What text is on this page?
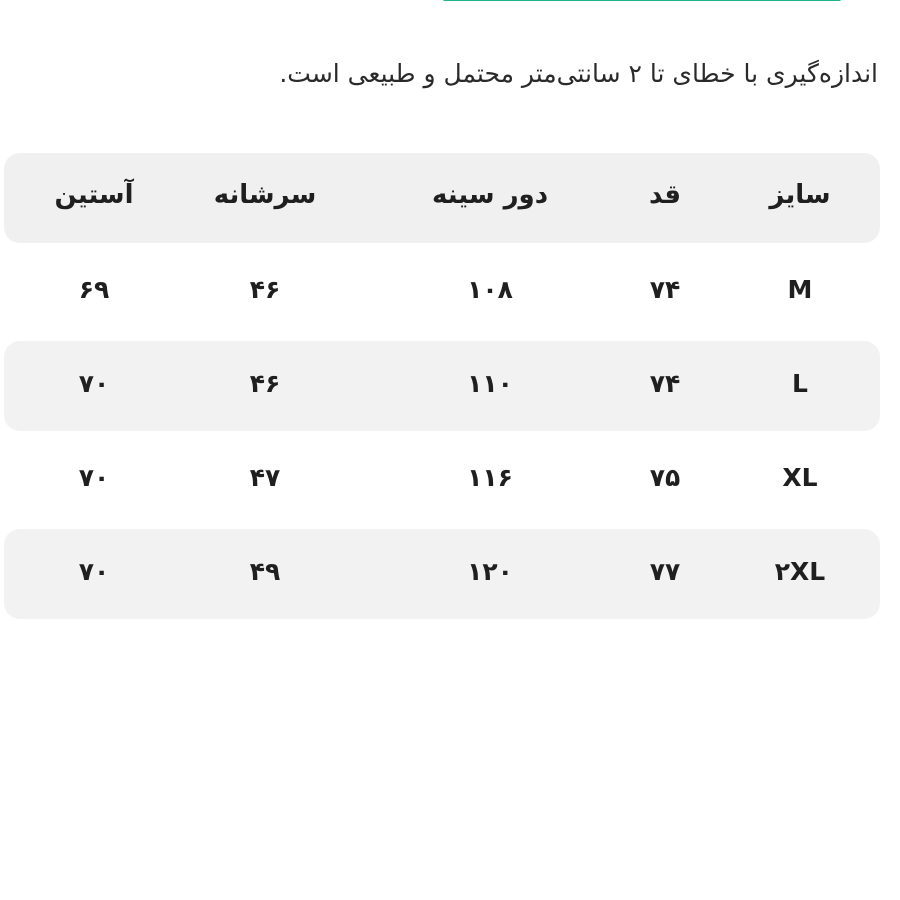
اندازه‌گیری با خطای تا ۲ سانتی‌متر محتمل و طبیعی است.
سایز
قد
دور سینه
سرشانه
آستین
M
۷۴
۱۰۸
۴۶
۶۹
L
۷۴
۱۱۰
۴۶
۷۰
XL
۷۵
۱۱۶
۴۷
۷۰
۲XL
۷۷
۱۲۰
۴۹
۷۰
